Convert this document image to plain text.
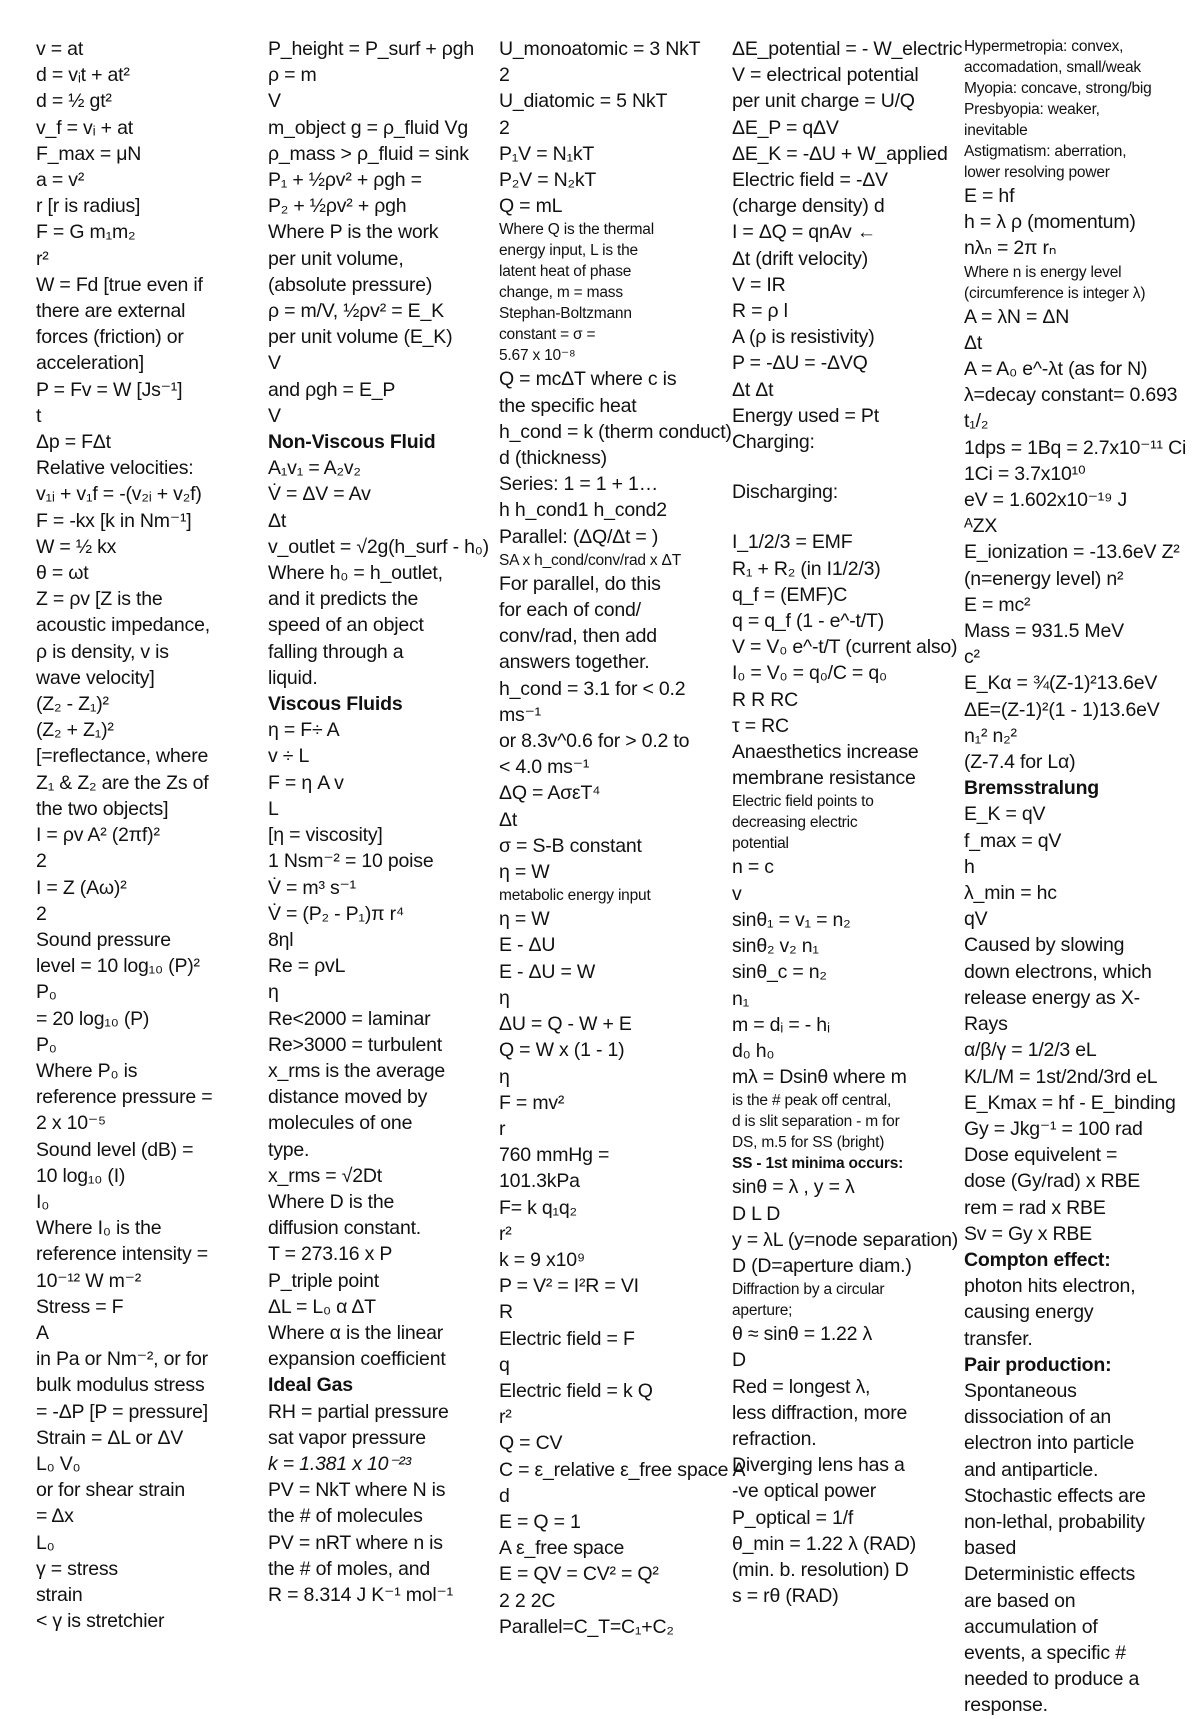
v = at
d = vᵢt + at²
d = ½ gt²
v_f = vᵢ + at
F_max = μN
a = v²
r [r is radius]
F = G m₁m₂
r²
W = Fd [true even if
there are external
forces (friction) or
acceleration]
P = Fv = W [Js⁻¹]
t
Δp = FΔt
Relative velocities:
v₁ᵢ + v₁f = -(v₂ᵢ + v₂f)
F = -kx [k in Nm⁻¹]
W = ½ kx
θ = ωt
Z = ρv [Z is the
acoustic impedance,
ρ is density, v is
wave velocity]
(Z₂ - Z₁)²
(Z₂ + Z₁)²
[=reflectance, where
Z₁ & Z₂ are the Zs of
the two objects]
I = ρv A² (2πf)²
2
I = Z (Aω)²
2
Sound pressure
level = 10 log₁₀ (P)²
P₀
= 20 log₁₀ (P)
P₀
Where P₀ is
reference pressure =
2 x 10⁻⁵
Sound level (dB) =
10 log₁₀ (I)
I₀
Where I₀ is the
reference intensity =
10⁻¹² W m⁻²
Stress = F
A
in Pa or Nm⁻², or for
bulk modulus stress
= -ΔP [P = pressure]
Strain = ΔL or ΔV
L₀ V₀
or for shear strain
= Δx
L₀
γ = stress
strain
< γ is stretchier
P_height = P_surf + ρgh
ρ = m
V
m_object g = ρ_fluid Vg
ρ_mass > ρ_fluid = sink
P₁ + ½ρv² + ρgh =
P₂ + ½ρv² + ρgh
Where P is the work
per unit volume,
(absolute pressure)
ρ = m/V, ½ρv² = E_K
per unit volume (E_K)
V
and ρgh = E_P
V
Non-Viscous Fluid
A₁v₁ = A₂v₂
V̇ = ΔV = Av
Δt
v_outlet = √2g(h_surf - h₀)
Where h₀ = h_outlet,
and it predicts the
speed of an object
falling through a
liquid.
Viscous Fluids
η = F÷ A
v ÷ L
F = η A v
L
[η = viscosity]
1 Nsm⁻² = 10 poise
V̇ = m³ s⁻¹
V̇ = (P₂ - P₁)π r⁴
8ηl
Re = ρvL
η
Re<2000 = laminar
Re>3000 = turbulent
x_rms is the average
distance moved by
molecules of one
type.
x_rms = √2Dt
Where D is the
diffusion constant.
T = 273.16 x P
P_triple point
ΔL = L₀ α ΔT
Where α is the linear
expansion coefficient
Ideal Gas
RH = partial pressure
sat vapor pressure
k = 1.381 x 10⁻²³
PV = NkT where N is
the # of molecules
PV = nRT where n is
the # of moles, and
R = 8.314 J K⁻¹ mol⁻¹
U_monoatomic = 3 NkT
2
U_diatomic = 5 NkT
2
P₁V = N₁kT
P₂V = N₂kT
Q = mL
Where Q is the thermal
energy input, L is the
latent heat of phase
change, m = mass
Stephan-Boltzmann
constant = σ =
5.67 x 10⁻⁸
Q = mcΔT where c is
the specific heat
h_cond = k (therm conduct)
d (thickness)
Series: 1 = 1 + 1…
h h_cond1 h_cond2
Parallel: (ΔQ/Δt = )
SA x h_cond/conv/rad x ΔT
For parallel, do this
for each of cond/
conv/rad, then add
answers together.
h_cond = 3.1 for < 0.2
ms⁻¹
or 8.3v^0.6 for > 0.2 to
< 4.0 ms⁻¹
ΔQ = AσεT⁴
Δt
σ = S-B constant
η = W
metabolic energy input
η = W
E - ΔU
E - ΔU = W
η
ΔU = Q - W + E
Q = W x (1 - 1)
η
F = mv²
r
760 mmHg =
101.3kPa
F= k q₁q₂
r²
k = 9 x10⁹
P = V² = I²R = VI
R
Electric field = F
q
Electric field = k Q
r²
Q = CV
C = ε_relative ε_free space A
d
E = Q = 1
A ε_free space
E = QV = CV² = Q²
2 2 2C
Parallel=C_T=C₁+C₂
ΔE_potential = - W_electric
V = electrical potential
per unit charge = U/Q
ΔE_P = qΔV
ΔE_K = -ΔU + W_applied
Electric field = -ΔV
(charge density) d
I = ΔQ = qnAv ←
Δt (drift velocity)
V = IR
R = ρ l
A (ρ is resistivity)
P = -ΔU = -ΔVQ
Δt Δt
Energy used = Pt
Charging:
Discharging:
I_1/2/3 = EMF
R₁ + R₂ (in I1/2/3)
q_f = (EMF)C
q = q_f (1 - e^-t/T)
V = V₀ e^-t/T (current also)
I₀ = V₀ = q₀/C = q₀
R R RC
τ = RC
Anaesthetics increase
membrane resistance
Electric field points to
decreasing electric
potential
n = c
v
sinθ₁ = v₁ = n₂
sinθ₂ v₂ n₁
sinθ_c = n₂
n₁
m = dᵢ = - hᵢ
d₀ h₀
mλ = Dsinθ where m
is the # peak off central,
d is slit separation - m for
DS, m.5 for SS (bright)
SS - 1st minima occurs:
sinθ = λ , y = λ
D L D
y = λL (y=node separation)
D (D=aperture diam.)
Diffraction by a circular
aperture;
θ ≈ sinθ = 1.22 λ
D
Red = longest λ,
less diffraction, more
refraction.
Diverging lens has a
-ve optical power
P_optical = 1/f
θ_min = 1.22 λ (RAD)
(min. b. resolution) D
s = rθ (RAD)
Hypermetropia: convex,
accomadation, small/weak
Myopia: concave, strong/big
Presbyopia: weaker,
inevitable
Astigmatism: aberration,
lower resolving power
E = hf
h = λ ρ (momentum)
nλₙ = 2π rₙ
Where n is energy level
(circumference is integer λ)
A = λN = ΔN
Δt
A = A₀ e^-λt (as for N)
λ=decay constant= 0.693
t₁/₂
1dps = 1Bq = 2.7x10⁻¹¹ Ci
1Ci = 3.7x10¹⁰
eV = 1.602x10⁻¹⁹ J
ᴬZX
E_ionization = -13.6eV Z²
(n=energy level) n²
E = mc²
Mass = 931.5 MeV
c²
E_Kα = ¾(Z-1)²13.6eV
ΔE=(Z-1)²(1 - 1)13.6eV
n₁² n₂²
(Z-7.4 for Lα)
Bremsstralung
E_K = qV
f_max = qV
h
λ_min = hc
qV
Caused by slowing
down electrons, which
release energy as X-
Rays
α/β/γ = 1/2/3 eL
K/L/M = 1st/2nd/3rd eL
E_Kmax = hf - E_binding
Gy = Jkg⁻¹ = 100 rad
Dose equivelent =
dose (Gy/rad) x RBE
rem = rad x RBE
Sv = Gy x RBE
Compton effect:
photon hits electron,
causing energy
transfer.
Pair production:
Spontaneous
dissociation of an
electron into particle
and antiparticle.
Stochastic effects are
non-lethal, probability
based
Deterministic effects
are based on
accumulation of
events, a specific #
needed to produce a
response.
